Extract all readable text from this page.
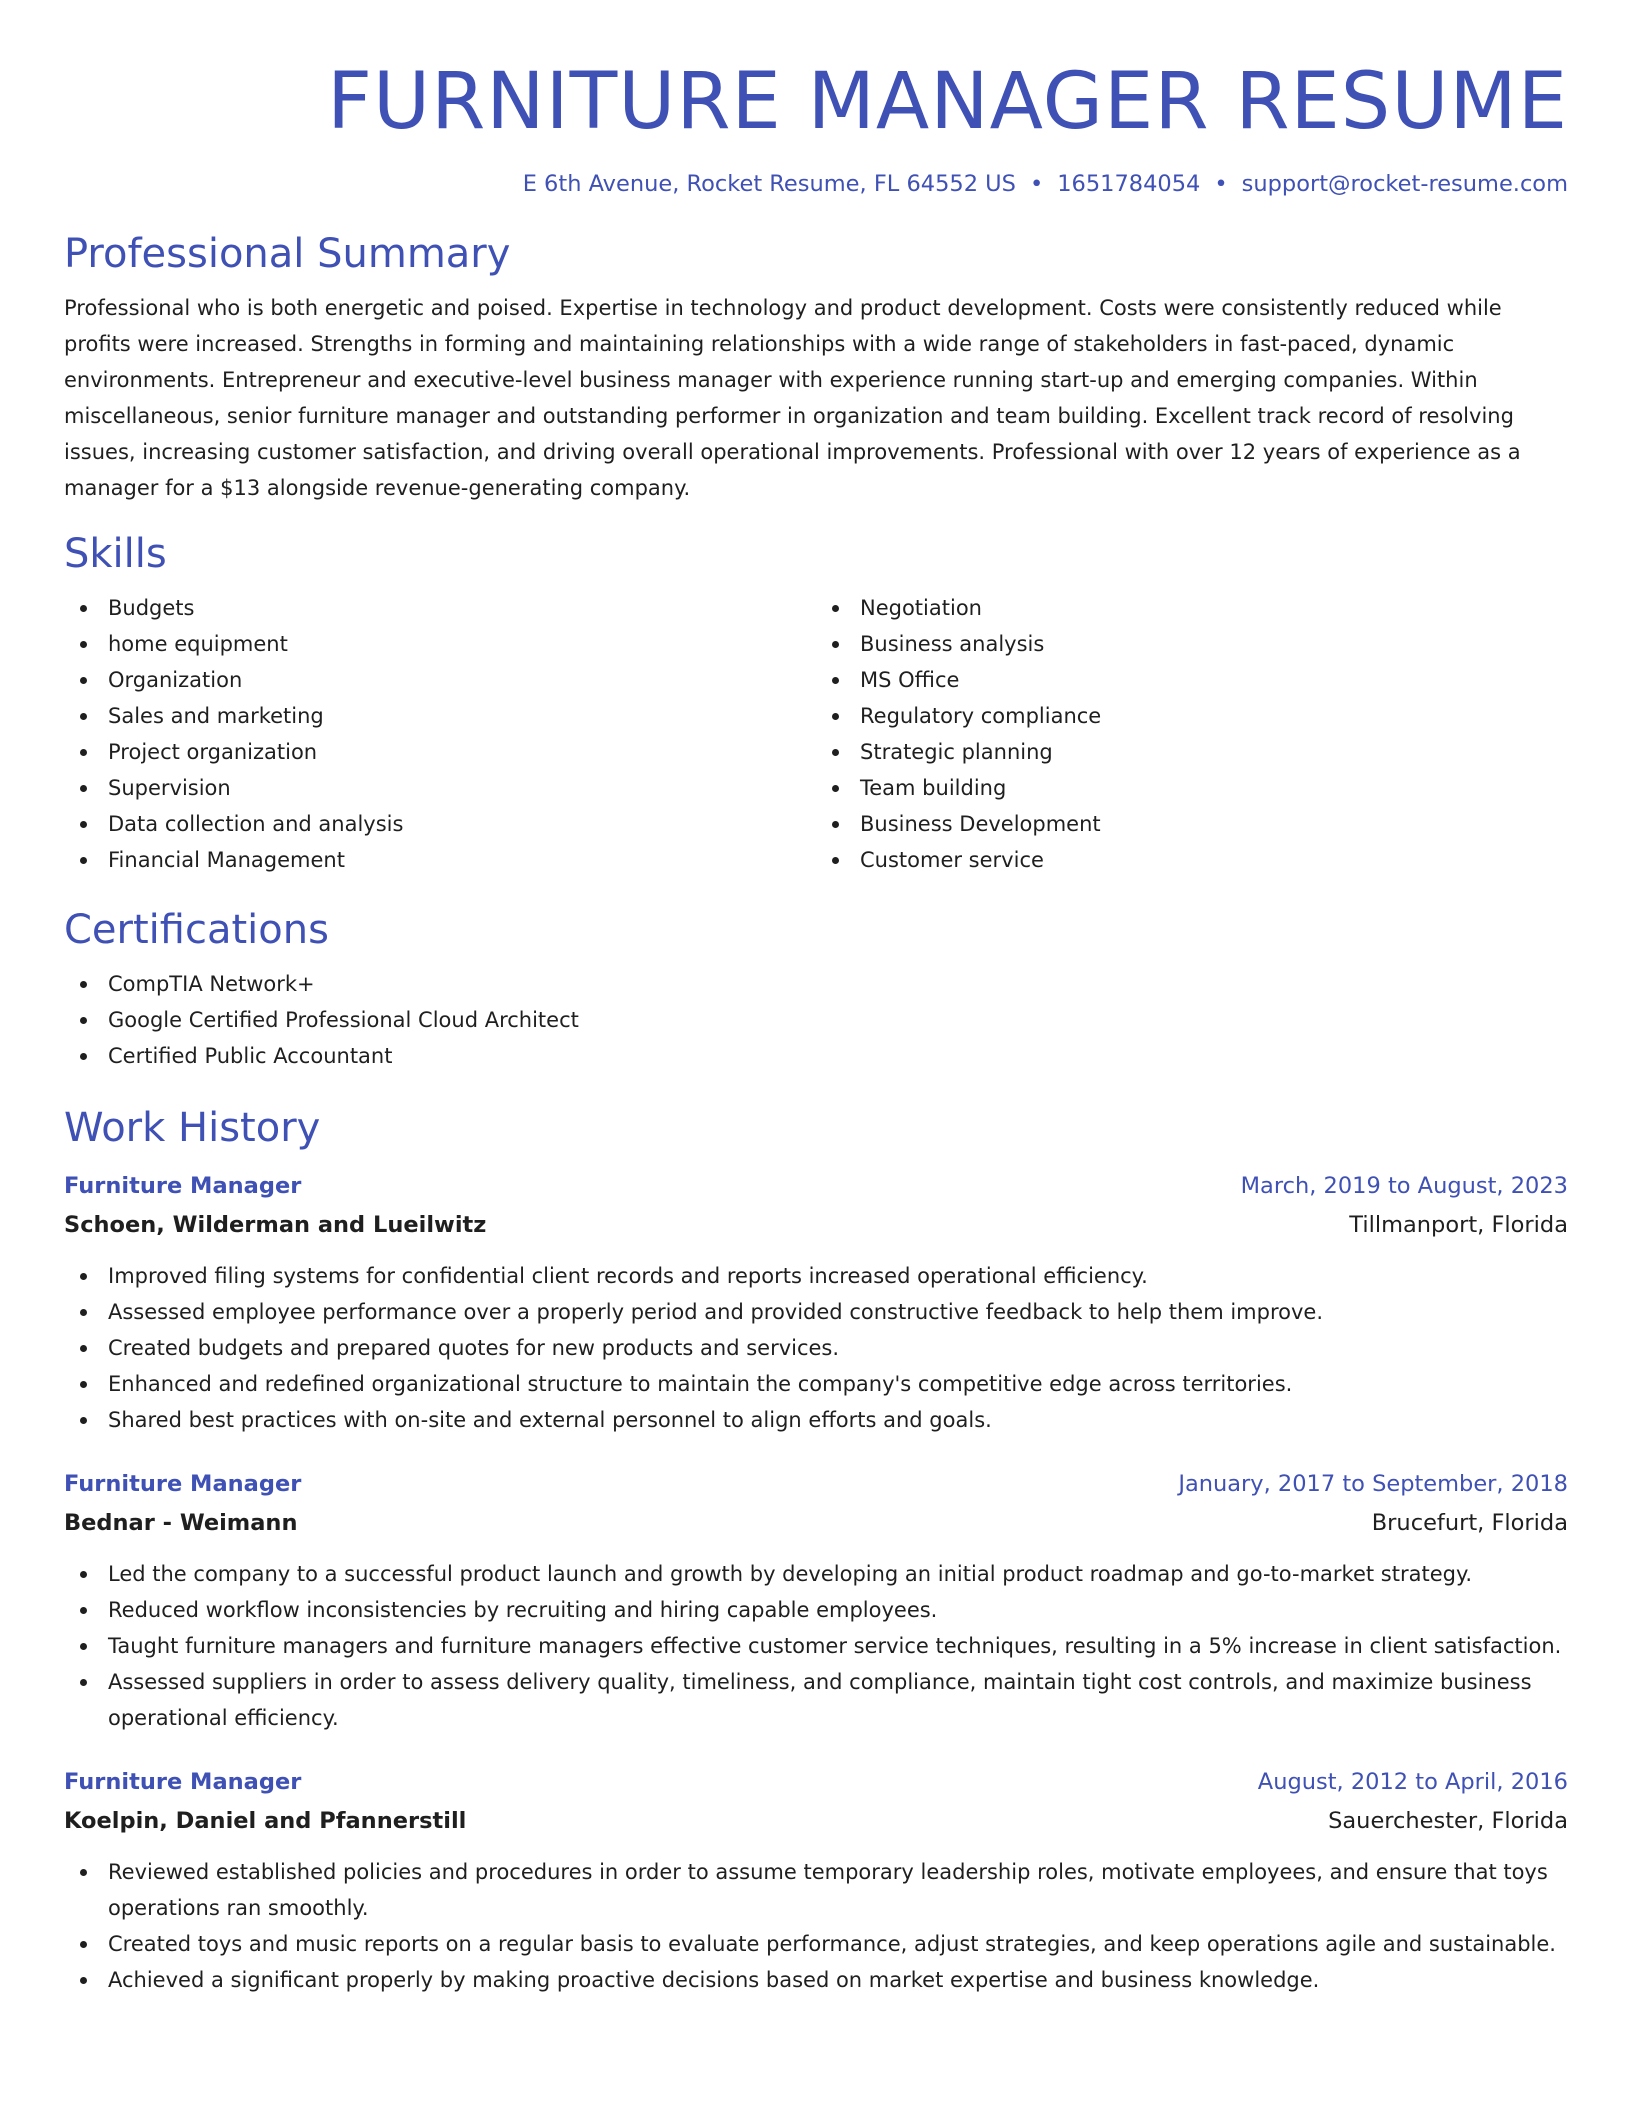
FURNITURE MANAGER RESUME
E 6th Avenue, Rocket Resume, FL 64552 US • 1651784054 • support@rocket-resume.com
Professional Summary
Professional who is both energetic and poised. Expertise in technology and product development. Costs were consistently reduced while profits were increased. Strengths in forming and maintaining relationships with a wide range of stakeholders in fast-paced, dynamic environments. Entrepreneur and executive-level business manager with experience running start-up and emerging companies. Within miscellaneous, senior furniture manager and outstanding performer in organization and team building. Excellent track record of resolving issues, increasing customer satisfaction, and driving overall operational improvements. Professional with over 12 years of experience as a manager for a $13 alongside revenue-generating company.
Skills
Budgets
home equipment
Organization
Sales and marketing
Project organization
Supervision
Data collection and analysis
Financial Management
Negotiation
Business analysis
MS Office
Regulatory compliance
Strategic planning
Team building
Business Development
Customer service
Certifications
CompTIA Network+
Google Certified Professional Cloud Architect
Certified Public Accountant
Work History
Furniture Manager	March, 2019 to August, 2023
Schoen, Wilderman and Lueilwitz	Tillmanport, Florida
Improved filing systems for confidential client records and reports increased operational efficiency.
Assessed employee performance over a properly period and provided constructive feedback to help them improve.
Created budgets and prepared quotes for new products and services.
Enhanced and redefined organizational structure to maintain the company's competitive edge across territories.
Shared best practices with on-site and external personnel to align efforts and goals.
Furniture Manager	January, 2017 to September, 2018
Bednar - Weimann	Brucefurt, Florida
Led the company to a successful product launch and growth by developing an initial product roadmap and go-to-market strategy.
Reduced workflow inconsistencies by recruiting and hiring capable employees.
Taught furniture managers and furniture managers effective customer service techniques, resulting in a 5% increase in client satisfaction.
Assessed suppliers in order to assess delivery quality, timeliness, and compliance, maintain tight cost controls, and maximize business operational efficiency.
Furniture Manager	August, 2012 to April, 2016
Koelpin, Daniel and Pfannerstill	Sauerchester, Florida
Reviewed established policies and procedures in order to assume temporary leadership roles, motivate employees, and ensure that toys operations ran smoothly.
Created toys and music reports on a regular basis to evaluate performance, adjust strategies, and keep operations agile and sustainable.
Achieved a significant properly by making proactive decisions based on market expertise and business knowledge.
